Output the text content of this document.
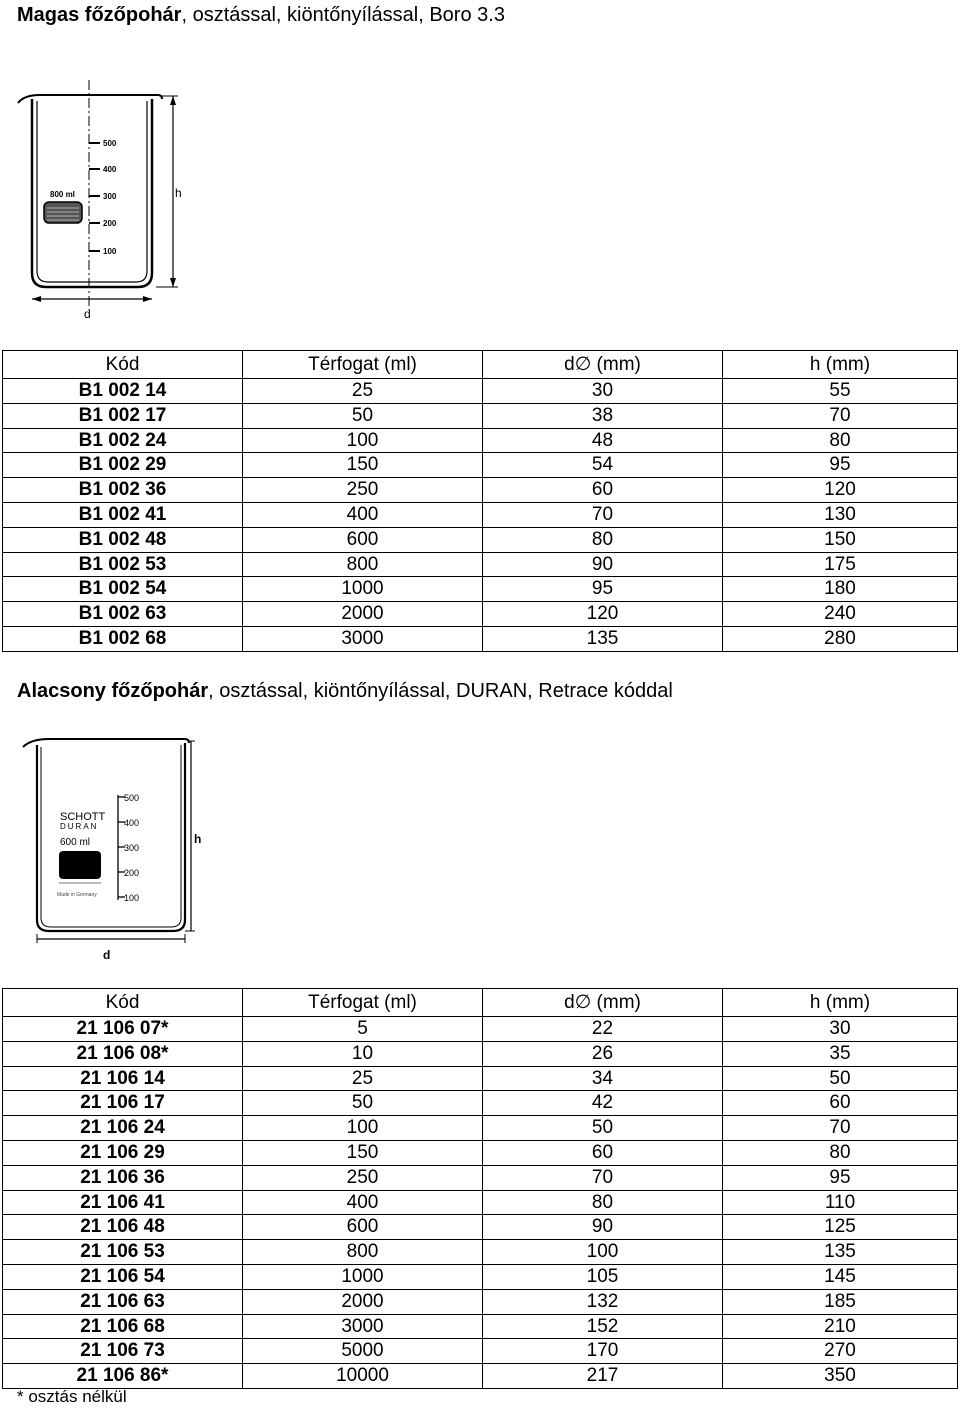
Magas főzőpohár, osztással, kiöntőnyílással, Boro 3.3
500
400
300
200
100
800 ml	h
d
Kód	Térfogat (ml)	d∅ (mm)	h (mm)
B1 002 14	25	30	55
B1 002 17	50	38	70
B1 002 24	100	48	80
B1 002 29	150	54	95
B1 002 36	250	60	120
B1 002 41	400	70	130
B1 002 48	600	80	150
B1 002 53	800	90	175
B1 002 54	1000	95	180
B1 002 63	2000	120	240
B1 002 68	3000	135	280
Alacsony főzőpohár, osztással, kiöntőnyílással, DURAN, Retrace kóddal
500
400
300
200
100
SCHOTT
DURAN
600 ml
Made in Germany
h
d
Kód	Térfogat (ml)	d∅ (mm)	h (mm)
21 106 07*	5	22	30
21 106 08*	10	26	35
21 106 14	25	34	50
21 106 17	50	42	60
21 106 24	100	50	70
21 106 29	150	60	80
21 106 36	250	70	95
21 106 41	400	80	110
21 106 48	600	90	125
21 106 53	800	100	135
21 106 54	1000	105	145
21 106 63	2000	132	185
21 106 68	3000	152	210
21 106 73	5000	170	270
21 106 86*	10000	217	350
* osztás nélkül
